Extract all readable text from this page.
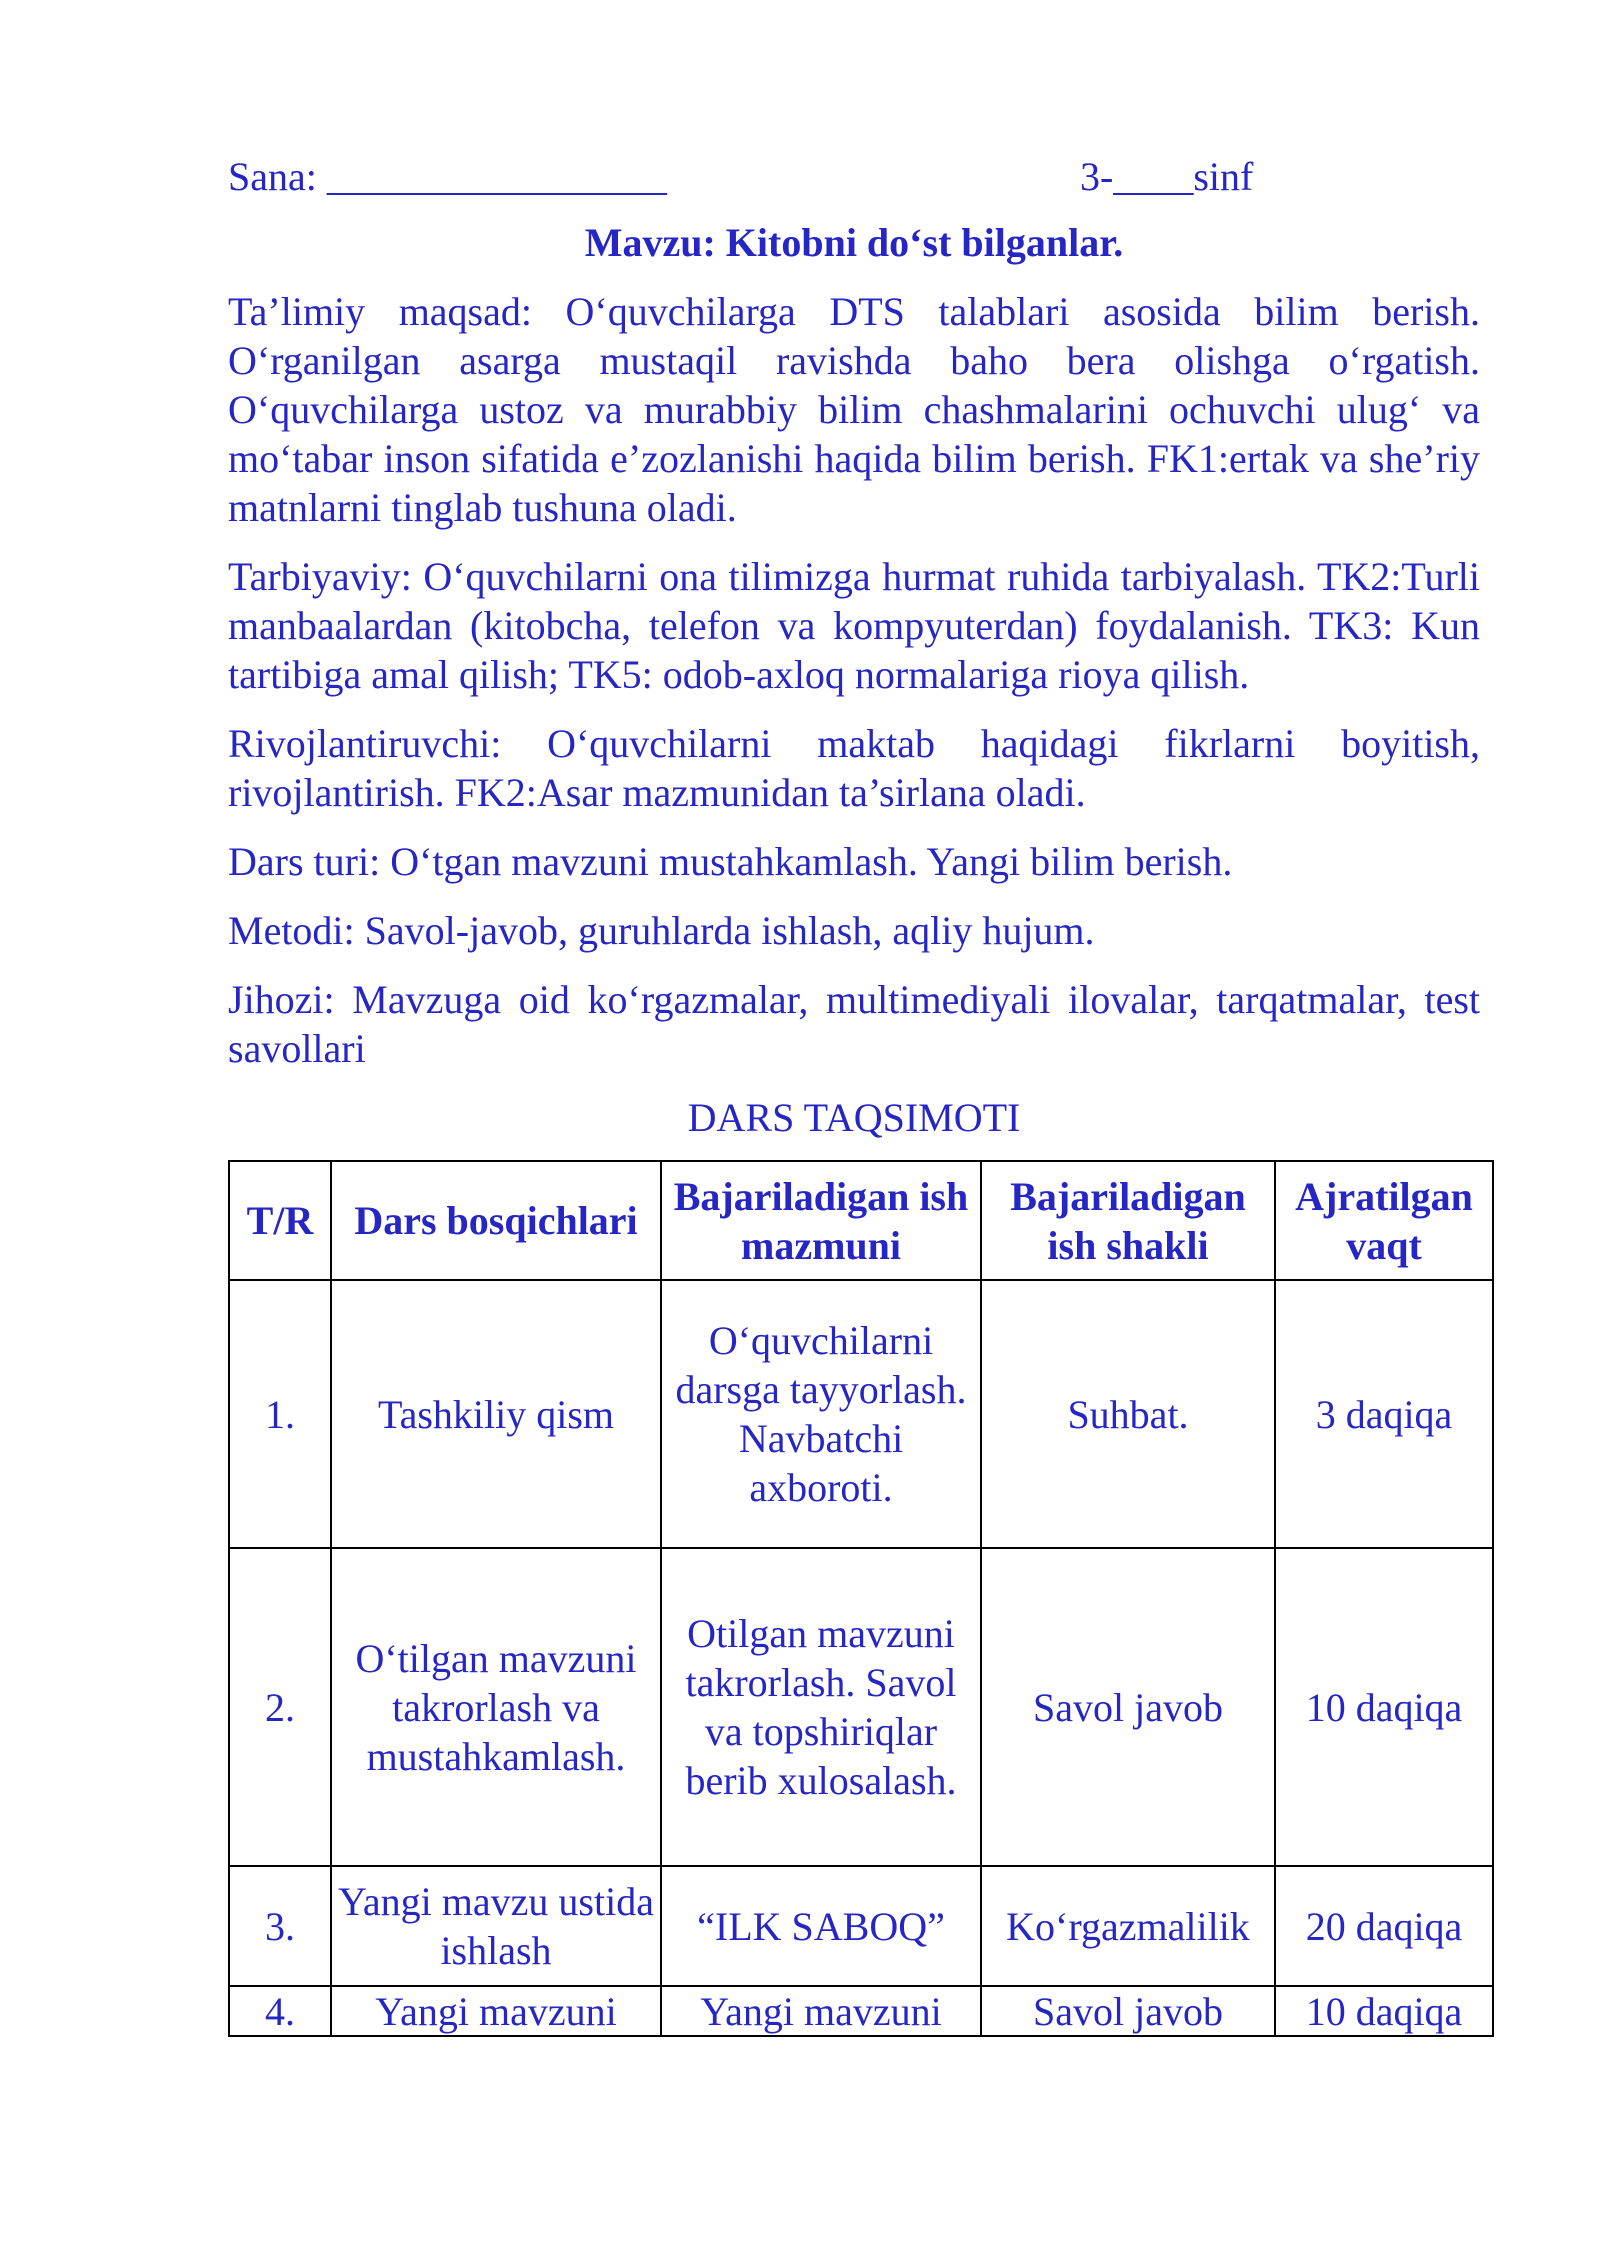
Sana: _________________	3-____sinf
Mavzu: Kitobni do‘st bilganlar.

Ta’limiy maqsad: O‘quvchilarga DTS talablari asosida bilim berish. O‘rganilgan asarga mustaqil ravishda baho bera olishga o‘rgatish. O‘quvchilarga ustoz va murabbiy bilim chashmalarini ochuvchi ulug‘ va mo‘tabar inson sifatida e’zozlanishi haqida bilim berish. FK1:ertak va she’riy matnlarni tinglab tushuna oladi.

Tarbiyaviy: O‘quvchilarni ona tilimizga hurmat ruhida tarbiyalash. TK2:Turli manbaalardan (kitobcha, telefon va kompyuterdan) foydalanish. TK3: Kun tartibiga amal qilish; TK5: odob-axloq normalariga rioya qilish.

Rivojlantiruvchi: O‘quvchilarni maktab haqidagi fikrlarni boyitish, rivojlantirish. FK2:Asar mazmunidan ta’sirlana oladi.

Dars turi: O‘tgan mavzuni mustahkamlash. Yangi bilim berish.

Metodi: Savol-javob, guruhlarda ishlash, aqliy hujum.

Jihozi: Mavzuga oid ko‘rgazmalar, multimediyali ilovalar, tarqatmalar, test savollari

DARS TAQSIMOTI
T/R	Dars bosqichlari	Bajariladigan ish mazmuni	Bajariladigan ish shakli	Ajratilgan vaqt
1.	Tashkiliy qism	O‘quvchilarni darsga tayyorlash. Navbatchi axboroti.	Suhbat.	3 daqiqa
2.	O‘tilgan mavzuni takrorlash va mustahkamlash.	Otilgan mavzuni takrorlash. Savol va topshiriqlar berib xulosalash.	Savol javob	10 daqiqa
3.	Yangi mavzu ustida ishlash	“ILK SABOQ”	Ko‘rgazmalilik	20 daqiqa

4.	Yangi mavzuni	Yangi mavzuni	Savol javob	10 daqiqa
